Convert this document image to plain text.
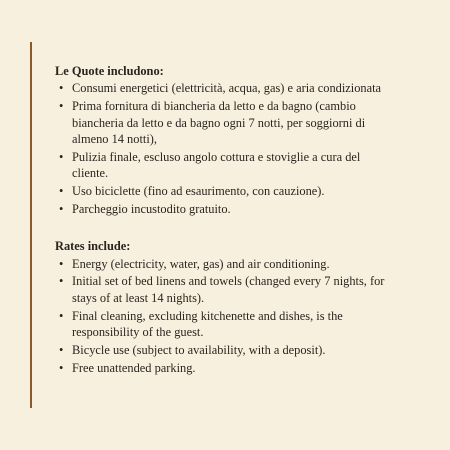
Le Quote includono:
• Consumi energetici (elettricità, acqua, gas) e aria condizionata
• Prima fornitura di biancheria da letto e da bagno (cambio biancheria da letto e da bagno ogni 7 notti, per soggiorni di almeno 14 notti),
• Pulizia finale, escluso angolo cottura e stoviglie a cura del cliente.
• Uso biciclette (fino ad esaurimento, con cauzione).
• Parcheggio incustodito gratuito.
Rates include:
• Energy (electricity, water, gas) and air conditioning.
• Initial set of bed linens and towels (changed every 7 nights, for stays of at least 14 nights).
• Final cleaning, excluding kitchenette and dishes, is the responsibility of the guest.
• Bicycle use (subject to availability, with a deposit).
• Free unattended parking.
